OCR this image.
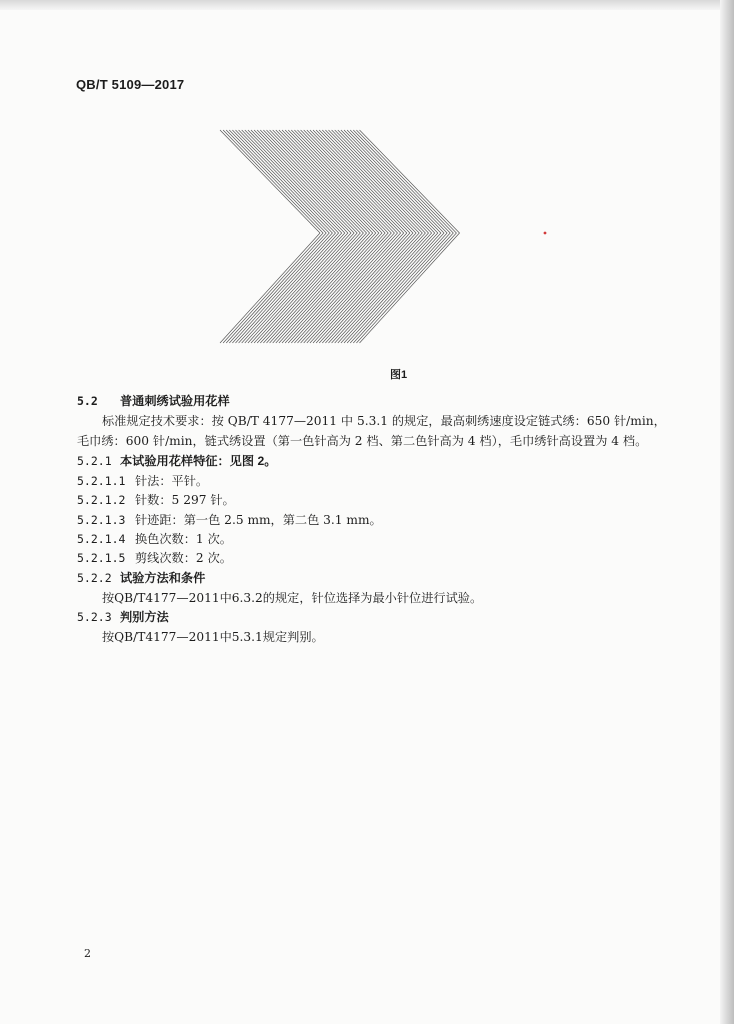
QB/T 5109—2017
图1
5.2 普通刺绣试验用花样
标准规定技术要求：按 QB/T 4177—2011 中 5.3.1 的规定，最高刺绣速度设定链式绣：650 针/min，
毛巾绣：600 针/min，链式绣设置（第一色针高为 2 档、第二色针高为 4 档），毛巾绣针高设置为 4 档。
5.2.1 本试验用花样特征：见图 2。
5.2.1.1 针法：平针。
5.2.1.2 针数：5 297 针。
5.2.1.3 针迹距：第一色 2.5 mm，第二色 3.1 mm。
5.2.1.4 换色次数：1 次。
5.2.1.5 剪线次数：2 次。
5.2.2 试验方法和条件
按QB/T4177—2011中6.3.2的规定，针位选择为最小针位进行试验。
5.2.3 判别方法
按QB/T4177—2011中5.3.1规定判别。
2
